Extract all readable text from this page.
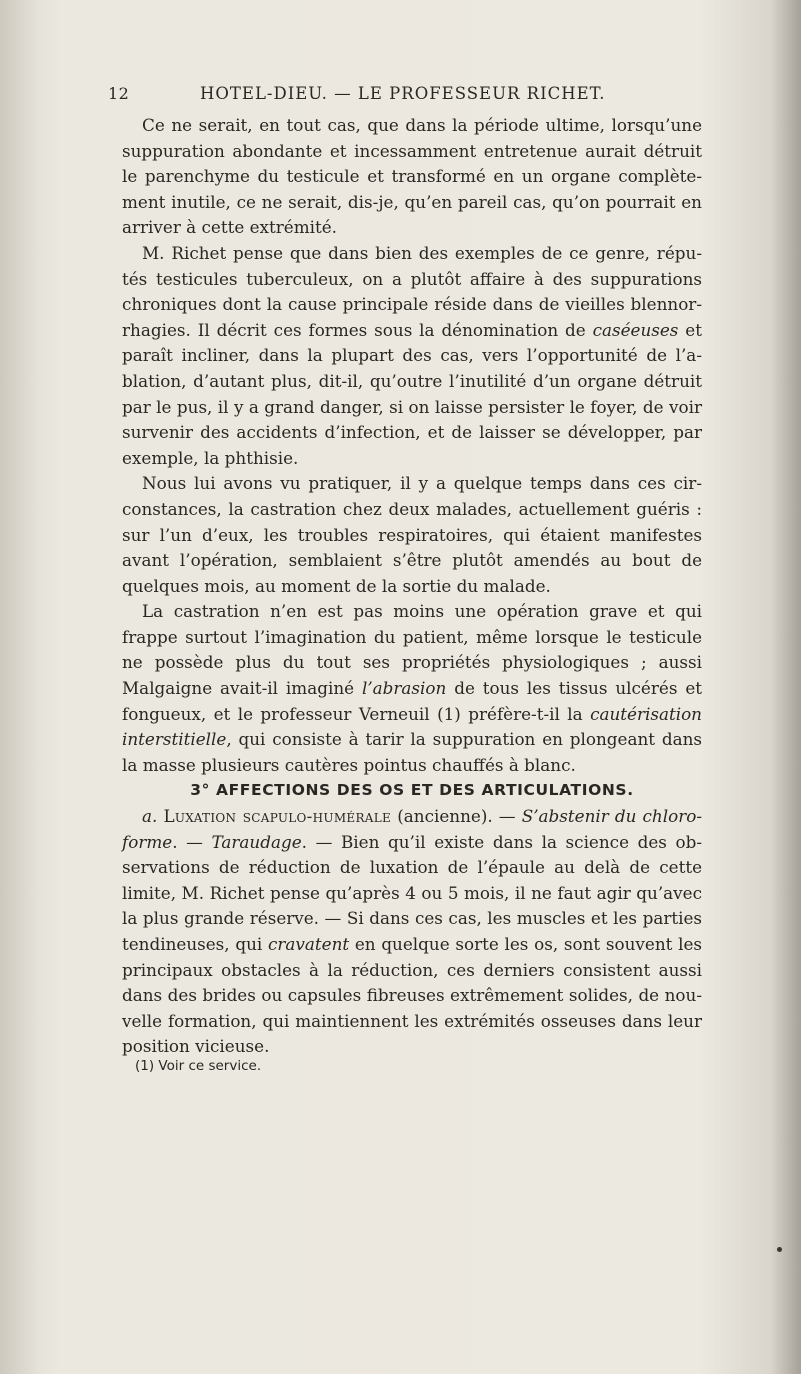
12	HOTEL-DIEU. — LE PROFESSEUR RICHET.

Ce ne serait, en tout cas, que dans la période ultime, lorsqu’une suppuration abondante et incessamment entretenue aurait détruit le parenchyme du testicule et transformé en un organe complètement inutile, ce ne serait, dis-je, qu’en pareil cas, qu’on pourrait en arriver à cette extrémité.

M. Richet pense que dans bien des exemples de ce genre, réputés testicules tuberculeux, on a plutôt affaire à des suppurations chroniques dont la cause principale réside dans de vieilles blennorrhagies. Il décrit ces formes sous la dénomination de caséeuses et paraît incliner, dans la plupart des cas, vers l’opportunité de l’ablation, d’autant plus, dit-il, qu’outre l’inutilité d’un organe détruit par le pus, il y a grand danger, si on laisse persister le foyer, de voir survenir des accidents d’infection, et de laisser se développer, par exemple, la phthisie.

Nous lui avons vu pratiquer, il y a quelque temps dans ces circonstances, la castration chez deux malades, actuellement guéris : sur l’un d’eux, les troubles respiratoires, qui étaient manifestes avant l’opération, semblaient s’être plutôt amendés au bout de quelques mois, au moment de la sortie du malade.

La castration n’en est pas moins une opération grave et qui frappe surtout l’imagination du patient, même lorsque le testicule ne possède plus du tout ses propriétés physiologiques ; aussi Malgaigne avait-il imaginé l’abrasion de tous les tissus ulcérés et fongueux, et le professeur Verneuil (1) préfère-t-il la cautérisation interstitielle, qui consiste à tarir la suppuration en plongeant dans la masse plusieurs cautères pointus chauffés à blanc.

3° AFFECTIONS DES OS ET DES ARTICULATIONS.

a. Luxation scapulo-humérale (ancienne). — S’abstenir du chloroforme. — Taraudage. — Bien qu’il existe dans la science des observations de réduction de luxation de l’épaule au delà de cette limite, M. Richet pense qu’après 4 ou 5 mois, il ne faut agir qu’avec la plus grande réserve. — Si dans ces cas, les muscles et les parties tendineuses, qui cravatent en quelque sorte les os, sont souvent les principaux obstacles à la réduction, ces derniers consistent aussi dans des brides ou capsules fibreuses extrêmement solides, de nouvelle formation, qui maintiennent les extrémités osseuses dans leur position vicieuse.

(1) Voir ce service.
